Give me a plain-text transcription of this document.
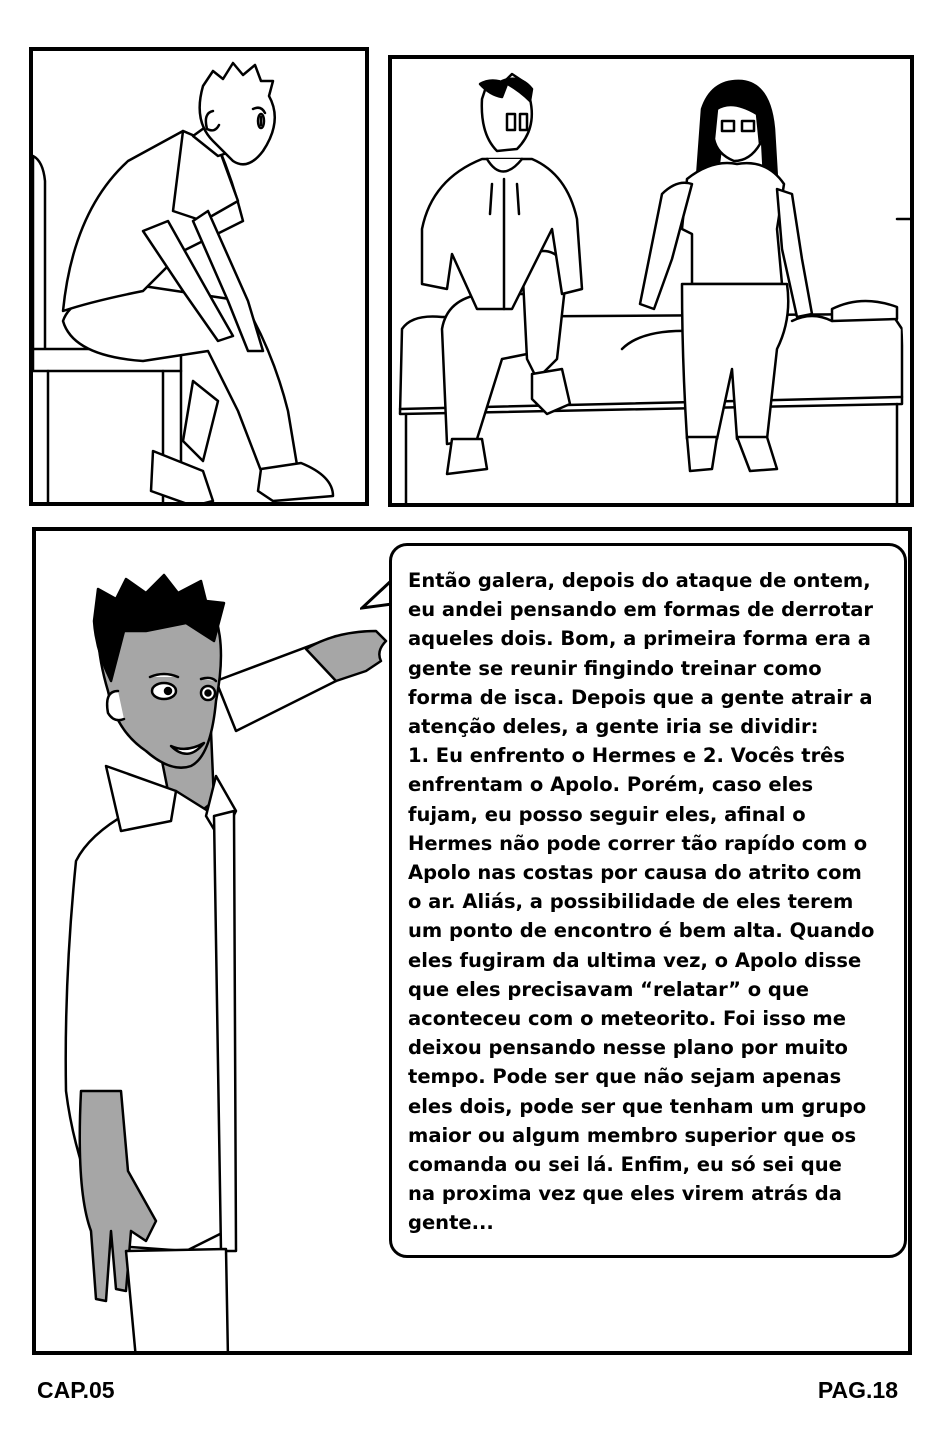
Então galera, depois do ataque de ontem,
eu andei pensando em formas de derrotar
aqueles dois. Bom, a primeira forma era a
gente se reunir fingindo treinar como
forma de isca. Depois que a gente atrair a
atenção deles, a gente iria se dividir:
1. Eu enfrento o Hermes e 2. Vocês três
enfrentam o Apolo. Porém, caso eles
fujam, eu posso seguir eles, afinal o
Hermes não pode correr tão rapído com o
Apolo nas costas por causa do atrito com
o ar. Aliás, a possibilidade de eles terem
um ponto de encontro é bem alta. Quando
eles fugiram da ultima vez, o Apolo disse
que eles precisavam “relatar” o que
aconteceu com o meteorito. Foi isso me
deixou pensando nesse plano por muito
tempo. Pode ser que não sejam apenas
eles dois, pode ser que tenham um grupo
maior ou algum membro superior que os
comanda ou sei lá. Enfim, eu só sei que
na proxima vez que eles virem atrás da
gente...
CAP.05	PAG.18
